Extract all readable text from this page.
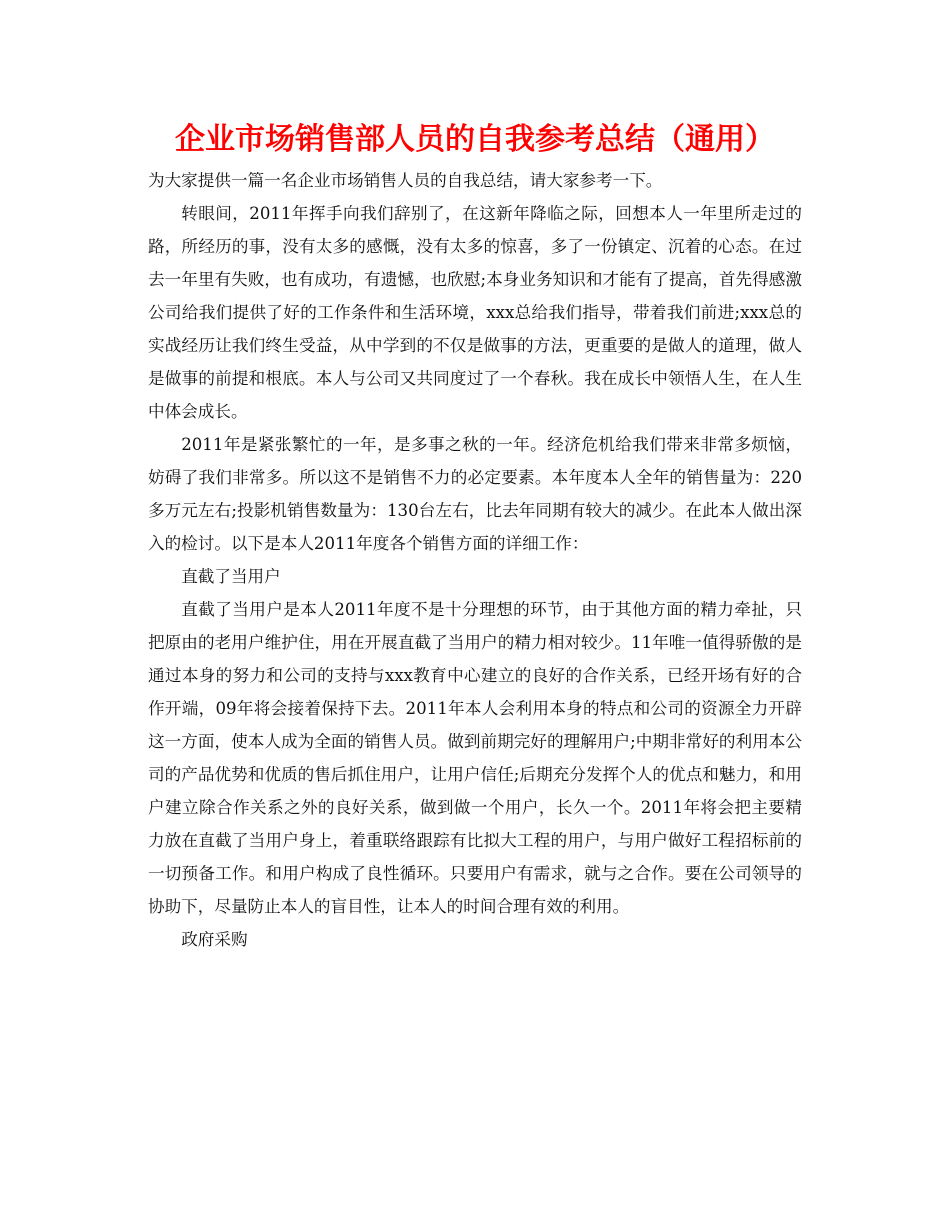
企业市场销售部人员的自我参考总结（通用）

为大家提供一篇一名企业市场销售人员的自我总结，请大家参考一下。

转眼间，2011年挥手向我们辞别了，在这新年降临之际，回想本人一年里所走过的路，所经历的事，没有太多的感慨，没有太多的惊喜，多了一份镇定、沉着的心态。在过去一年里有失败，也有成功，有遗憾，也欣慰;本身业务知识和才能有了提高，首先得感激公司给我们提供了好的工作条件和生活环境，xxx总给我们指导，带着我们前进;xxx总的实战经历让我们终生受益，从中学到的不仅是做事的方法，更重要的是做人的道理，做人是做事的前提和根底。本人与公司又共同度过了一个春秋。我在成长中领悟人生，在人生中体会成长。

2011年是紧张繁忙的一年，是多事之秋的一年。经济危机给我们带来非常多烦恼，妨碍了我们非常多。所以这不是销售不力的必定要素。本年度本人全年的销售量为：220多万元左右;投影机销售数量为：130台左右，比去年同期有较大的减少。在此本人做出深入的检讨。以下是本人2011年度各个销售方面的详细工作：

直截了当用户

直截了当用户是本人2011年度不是十分理想的环节，由于其他方面的精力牵扯，只把原由的老用户维护住，用在开展直截了当用户的精力相对较少。11年唯一值得骄傲的是通过本身的努力和公司的支持与xxx教育中心建立的良好的合作关系，已经开场有好的合作开端，09年将会接着保持下去。2011年本人会利用本身的特点和公司的资源全力开辟这一方面，使本人成为全面的销售人员。做到前期完好的理解用户;中期非常好的利用本公司的产品优势和优质的售后抓住用户，让用户信任;后期充分发挥个人的优点和魅力，和用户建立除合作关系之外的良好关系，做到做一个用户，长久一个。2011年将会把主要精力放在直截了当用户身上，着重联络跟踪有比拟大工程的用户，与用户做好工程招标前的一切预备工作。和用户构成了良性循环。只要用户有需求，就与之合作。要在公司领导的协助下，尽量防止本人的盲目性，让本人的时间合理有效的利用。

政府采购
